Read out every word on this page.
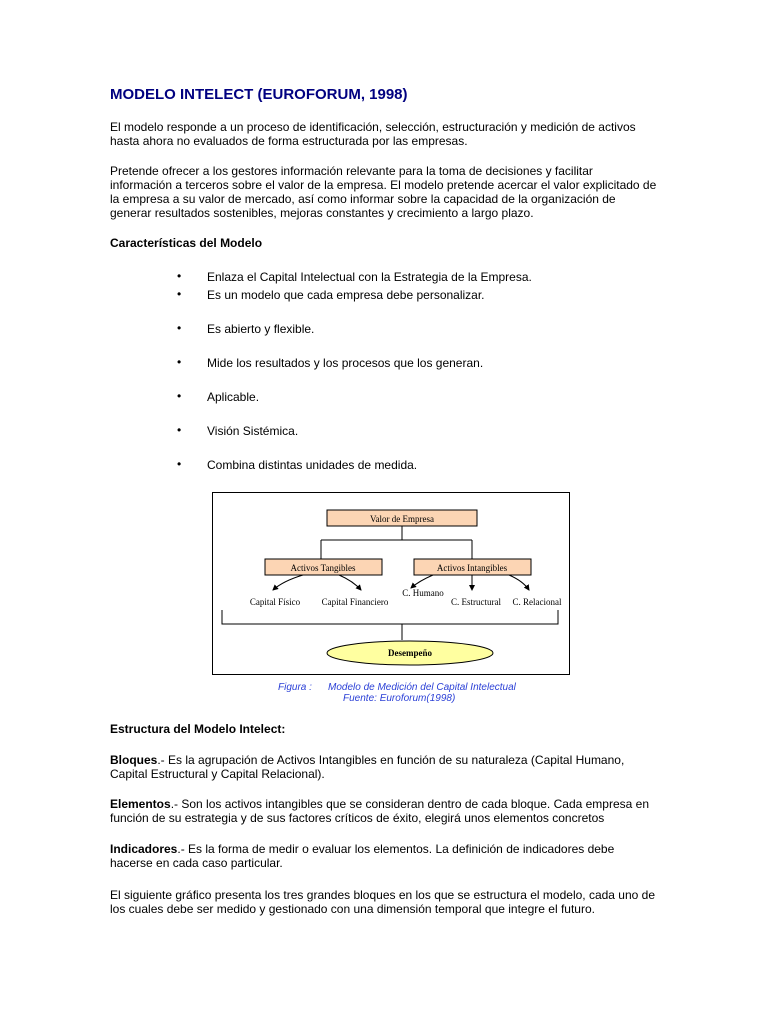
MODELO INTELECT (EUROFORUM, 1998)
El modelo responde a un proceso de identificación, selección, estructuración y medición de activos
hasta ahora no evaluados de forma estructurada por las empresas.
Pretende ofrecer a los gestores información relevante para la toma de decisiones y facilitar
información a terceros sobre el valor de la empresa. El modelo pretende acercar el valor explicitado de
la empresa a su valor de mercado, así como informar sobre la capacidad de la organización de
generar resultados sostenibles, mejoras constantes y crecimiento a largo plazo.
Características del Modelo
• Enlaza el Capital Intelectual con la Estrategia de la Empresa.
• Es un modelo que cada empresa debe personalizar.
• Es abierto y flexible.
• Mide los resultados y los procesos que los generan.
• Aplicable.
• Visión Sistémica.
• Combina distintas unidades de medida.
Valor de Empresa
Activos Tangibles	Activos Intangibles
Capital Físico Capital Financiero
C. Humano
C. Estructural C. Relacional
Desempeño
Figura : Modelo de Medición del Capital Intelectual
Fuente: Euroforum(1998)
Estructura del Modelo Intelect:
Bloques.- Es la agrupación de Activos Intangibles en función de su naturaleza (Capital Humano,
Capital Estructural y Capital Relacional).
Elementos.- Son los activos intangibles que se consideran dentro de cada bloque. Cada empresa en
función de su estrategia y de sus factores críticos de éxito, elegirá unos elementos concretos
Indicadores.- Es la forma de medir o evaluar los elementos. La definición de indicadores debe
hacerse en cada caso particular.
El siguiente gráfico presenta los tres grandes bloques en los que se estructura el modelo, cada uno de
los cuales debe ser medido y gestionado con una dimensión temporal que integre el futuro.
